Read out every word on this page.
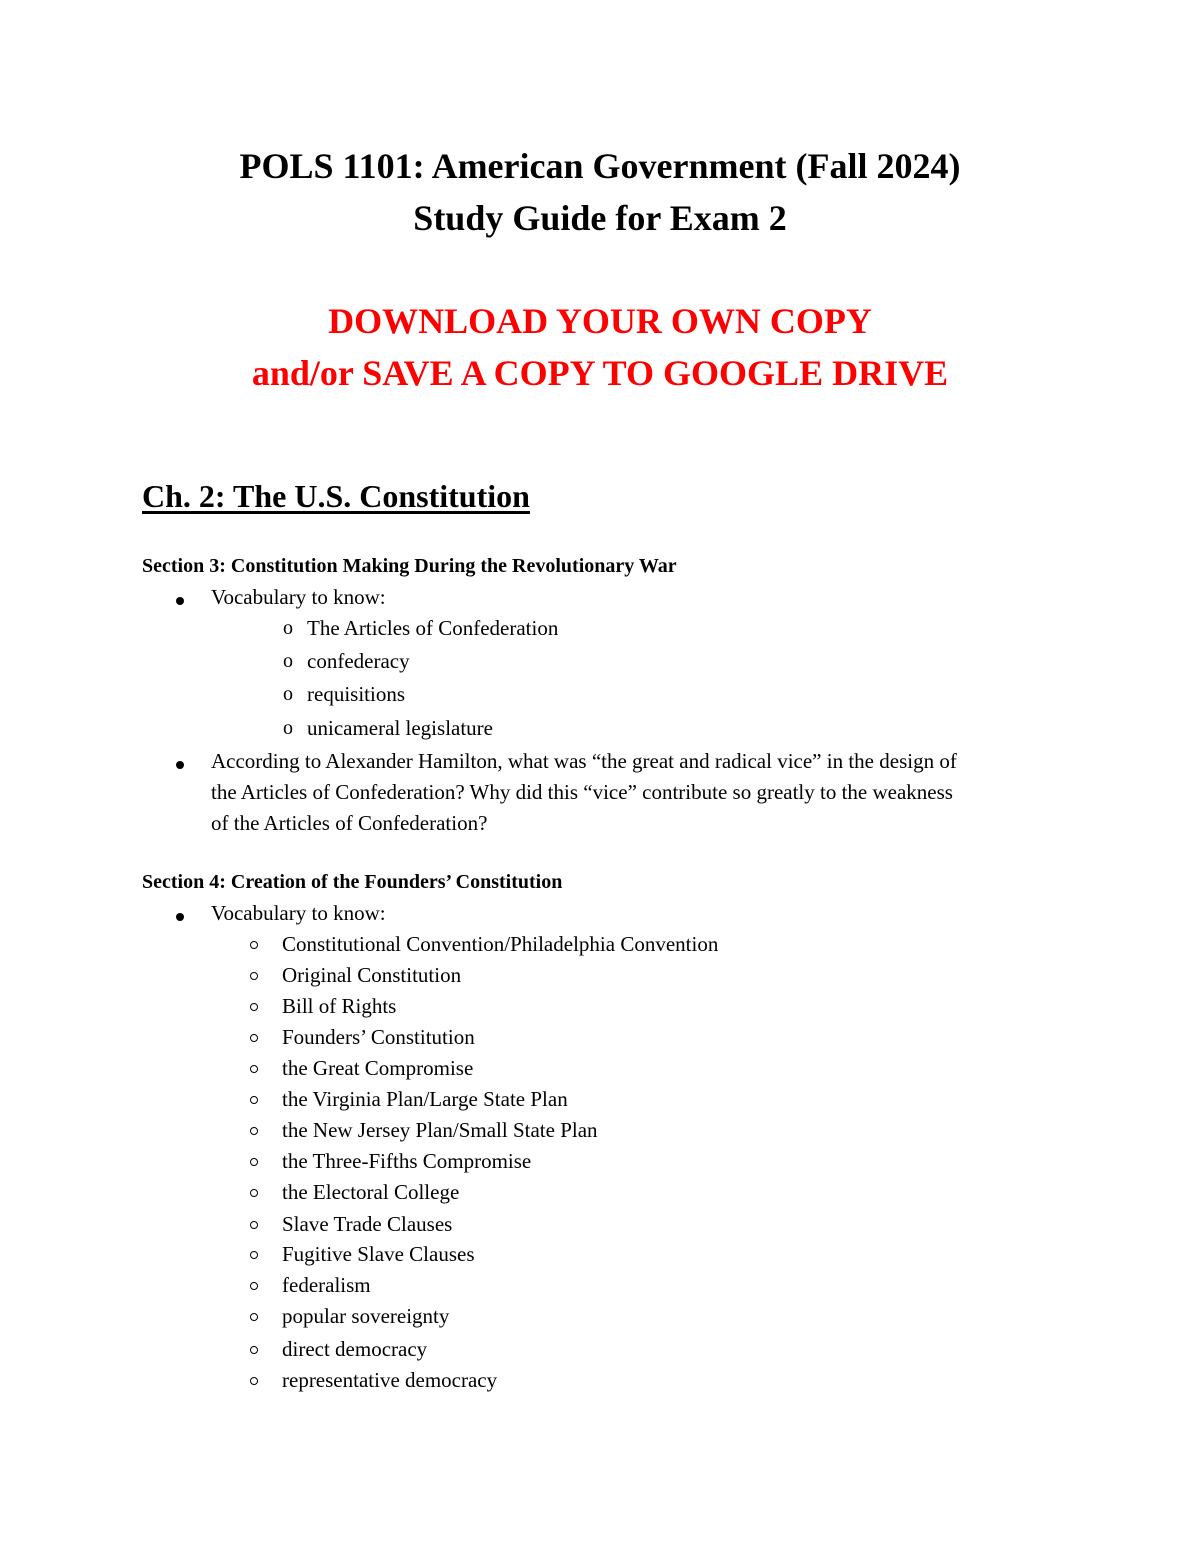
POLS 1101: American Government (Fall 2024)
Study Guide for Exam 2
DOWNLOAD YOUR OWN COPY
and/or SAVE A COPY TO GOOGLE DRIVE
Ch. 2: The U.S. Constitution
Section 3: Constitution Making During the Revolutionary War
Vocabulary to know:
o The Articles of Confederation
o confederacy
o requisitions
o unicameral legislature
According to Alexander Hamilton, what was “the great and radical vice” in the design of
the Articles of Confederation? Why did this “vice” contribute so greatly to the weakness
of the Articles of Confederation?
Section 4: Creation of the Founders’ Constitution
Vocabulary to know:
Constitutional Convention/Philadelphia Convention
Original Constitution
Bill of Rights
Founders’ Constitution
the Great Compromise
the Virginia Plan/Large State Plan
the New Jersey Plan/Small State Plan
the Three-Fifths Compromise
the Electoral College
Slave Trade Clauses
Fugitive Slave Clauses
federalism
popular sovereignty
direct democracy
representative democracy
